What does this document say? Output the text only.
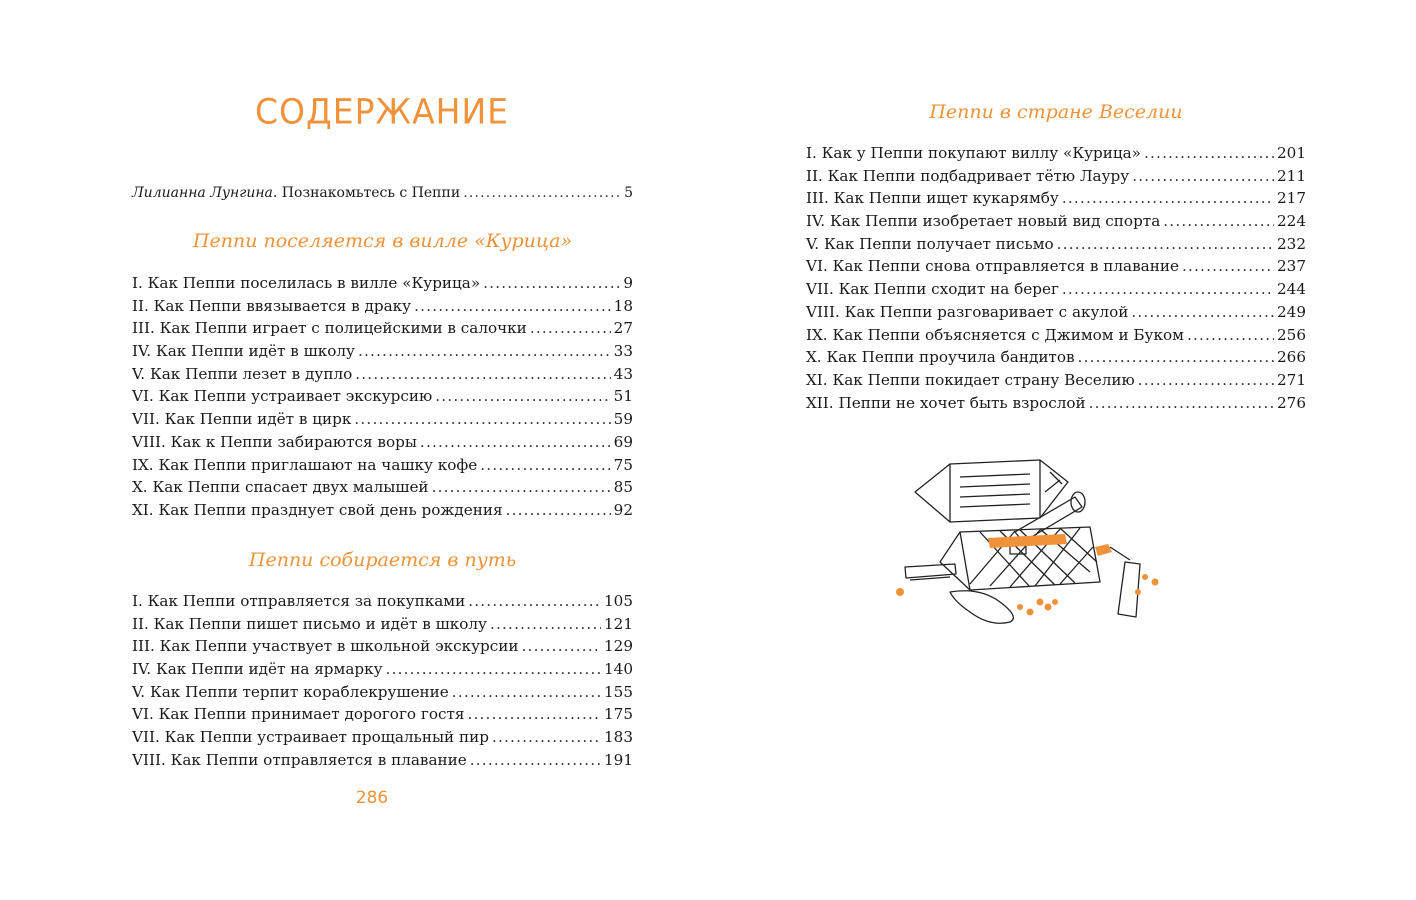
СОДЕРЖАНИЕ
Лилианна Лунгина. Познакомьтесь с Пеппи .....	5
Пеппи поселяется в вилле «Курица»
I. Как Пеппи поселилась в вилле «Курица» .....	9
II. Как Пеппи ввязывается в драку .....	18
III. Как Пеппи играет с полицейскими в салочки .....	27
IV. Как Пеппи идёт в школу .....	33
V. Как Пеппи лезет в дупло .....	43
VI. Как Пеппи устраивает экскурсию .....	51
VII. Как Пеппи идёт в цирк .....	59
VIII. Как к Пеппи забираются воры .....	69
IX. Как Пеппи приглашают на чашку кофе .....	75
X. Как Пеппи спасает двух малышей .....	85
XI. Как Пеппи празднует свой день рождения .....	92
Пеппи собирается в путь
I. Как Пеппи отправляется за покупками .....	105
II. Как Пеппи пишет письмо и идёт в школу .....	121
III. Как Пеппи участвует в школьной экскурсии .....	129
IV. Как Пеппи идёт на ярмарку .....	140
V. Как Пеппи терпит кораблекрушение .....	155
VI. Как Пеппи принимает дорогого гостя .....	175
VII. Как Пеппи устраивает прощальный пир .....	183
VIII. Как Пеппи отправляется в плавание .....	191
286
Пеппи в стране Веселии
I. Как у Пеппи покупают виллу «Курица» .....	201
II. Как Пеппи подбадривает тётю Лауру .....	211
III. Как Пеппи ищет кукарямбу .....	217
IV. Как Пеппи изобретает новый вид спорта .....	224
V. Как Пеппи получает письмо .....	232
VI. Как Пеппи снова отправляется в плавание .....	237
VII. Как Пеппи сходит на берег .....	244
VIII. Как Пеппи разговаривает с акулой .....	249
IX. Как Пеппи объясняется с Джимом и Буком .....	256
X. Как Пеппи проучила бандитов .....	266
XI. Как Пеппи покидает страну Веселию .....	271
XII. Пеппи не хочет быть взрослой .....	276
